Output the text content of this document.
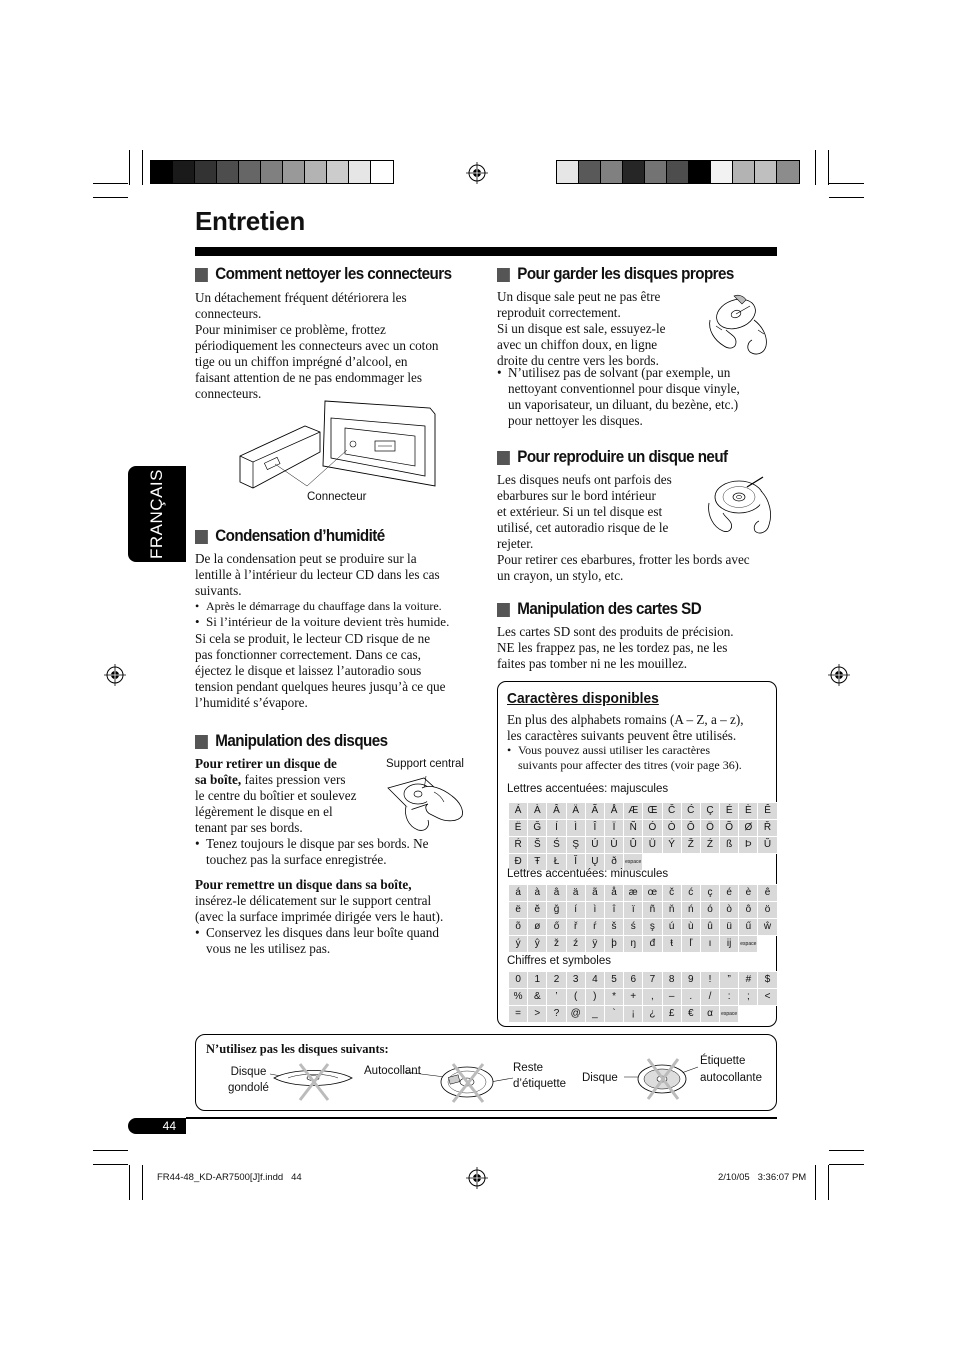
Entretien
FRANÇAIS
Comment nettoyer les connecteurs
Un détachement fréquent détériorera les
connecteurs.
Pour minimiser ce problème, frottez
périodiquement les connecteurs avec un coton
tige ou un chiffon imprégné d’alcool, en
faisant attention de ne pas endommager les
connecteurs.
Connecteur
Condensation d’humidité
De la condensation peut se produire sur la
lentille à l’intérieur du lecteur CD dans les cas
suivants.
• Après le démarrage du chauffage dans la voiture.
• Si l’intérieur de la voiture devient très humide.
Si cela se produit, le lecteur CD risque de ne
pas fonctionner correctement. Dans ce cas,
éjectez le disque et laissez l’autoradio sous
tension pendant quelques heures jusqu’à ce que
l’humidité s’évapore.
Manipulation des disques
Pour retirer un disque de
sa boîte, faites pression vers
le centre du boîtier et soulevez
légèrement le disque en el
tenant par ses bords.
Support central
• Tenez toujours le disque par ses bords. Ne
touchez pas la surface enregistrée.
Pour remettre un disque dans sa boîte,
insérez-le délicatement sur le support central
(avec la surface imprimée dirigée vers le haut).
• Conservez les disques dans leur boîte quand
vous ne les utilisez pas.
Pour garder les disques propres
Un disque sale peut ne pas être
reproduit correctement.
Si un disque est sale, essuyez-le
avec un chiffon doux, en ligne
droite du centre vers les bords.
• N’utilisez pas de solvant (par exemple, un
nettoyant conventionnel pour disque vinyle,
un vaporisateur, un diluant, du bezène, etc.)
pour nettoyer les disques.
Pour reproduire un disque neuf
Les disques neufs ont parfois des
ebarbures sur le bord intérieur
et extérieur. Si un tel disque est
utilisé, cet autoradio risque de le
rejeter.
Pour retirer ces ebarbures, frotter les bords avec
un crayon, un stylo, etc.
Manipulation des cartes SD
Les cartes SD sont des produits de précision.
NE les frappez pas, ne les tordez pas, ne les
faites pas tomber ni ne les mouillez.
Caractères disponibles
En plus des alphabets romains (A – Z, a – z),
les caractères suivants peuvent être utilisés.
• Vous pouvez aussi utiliser les caractères
suivants pour affecter des titres (voir page 36).
Lettres accentuées: majuscules
Á	À	Â	Ä	Ã	Å	Æ	Œ	Č	Ć	Ç	É	È	Ê
Ë	Ğ	Í	Ì	Î	Ï	Ñ	Ó	Ò	Ô	Ö	Õ	Ø	Ř
Ŕ	Š	Ś	Ş	Ú	Ù	Û	Ü	Ý	Ž	Ź	ß	Þ	Ŭ
Đ	Ŧ	Ł	Ĭ	Ų	ð	espace							
Lettres accentuées: minuscules
á	à	â	ä	ã	å	æ	œ	č	ć	ç	é	è	ê
ë	ĕ	ğ	í	ì	î	ï	ñ	ň	ń	ó	ò	ô	ö
õ	ø	ő	ř	ŕ	š	ś	ş	ú	ù	û	ü	ű	ŵ
ý	ŷ	ž	ź	ÿ	þ	ŋ	đ	ŧ	ľ	ı	ĳ	espace	
Chiffres et symboles
0	1	2	3	4	5	6	7	8	9	!	”	#	$
%	&	’	(	)	*	+	,	–	.	/	:	;	<
=	>	?	@	_	`	¡	¿	£	€	α	espace		
N’utilisez pas les disques suivants:
Disque
gondolé
Autocollant	Reste
d’étiquette Disque
Étiquette
autocollante
44
FR44-48_KD-AR7500[J]f.indd   44	2/10/05   3:36:07 PM
